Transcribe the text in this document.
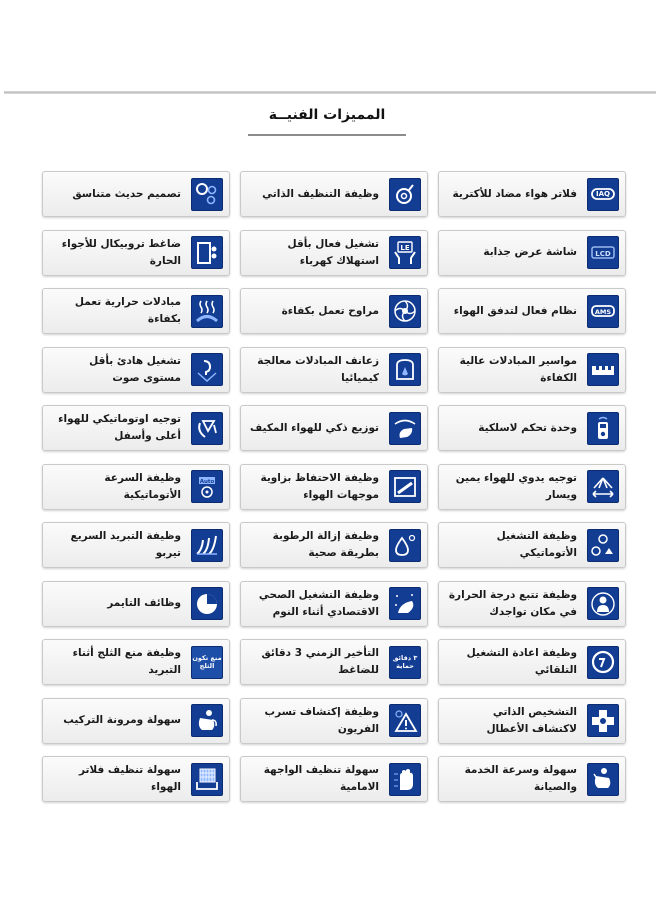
المميزات الفنيــة
IAQ
فلاتر هواء مضاد للأكترية
وظيفة التنظيف الذاتي
تصميم حديث متناسق
LCD
شاشة عرض جذابة
LE
تشغيل فعال بأقل استهلاك كهرباء
ضاغط تروبيكال للأجواء الحارة
AMS
نظام فعال لتدفق الهواء
مراوح تعمل بكفاءة
مبادلات حرارية تعمل بكفاءة
مواسير المبادلات عالية الكفاءة
زعانف المبادلات معالجة كيميائيا
تشغيل هادئ بأقل مستوى صوت
وحدة تحكم لاسلكية
توزيع ذكي للهواء المكيف
توجيه اوتوماتيكي للهواء أعلى وأسفل
توجيه يدوي للهواء يمين ويسار
وظيفة الاحتفاظ بزاوية موجهات الهواء
Auto
وظيفة السرعة الأتوماتيكية
وظيفة التشغيل الأتوماتيكي
وظيفة إزالة الرطوبة بطريقة صحية
وظيفة التبريد السريع تيربو
وظيفة تتبع درجة الحرارة في مكان تواجدك
وظيفة التشغيل الصحي الاقتصادي أثناء النوم
وظائف التايمر
وظيفة اعادة التشغيل التلقائي
٣ دقائق حماية
التأخير الزمني 3 دقائق للضاغط
منع تكون الثلج
وظيفة منع الثلج أثناء التبريد
التشخيص الذاتي لاكتشاف الأعطال
وظيفة إكتشاف تسرب الفريون
سهولة ومرونة التركيب
سهولة وسرعة الخدمة والصيانة
سهولة تنظيف الواجهة الامامية
سهولة تنظيف فلاتر الهواء
